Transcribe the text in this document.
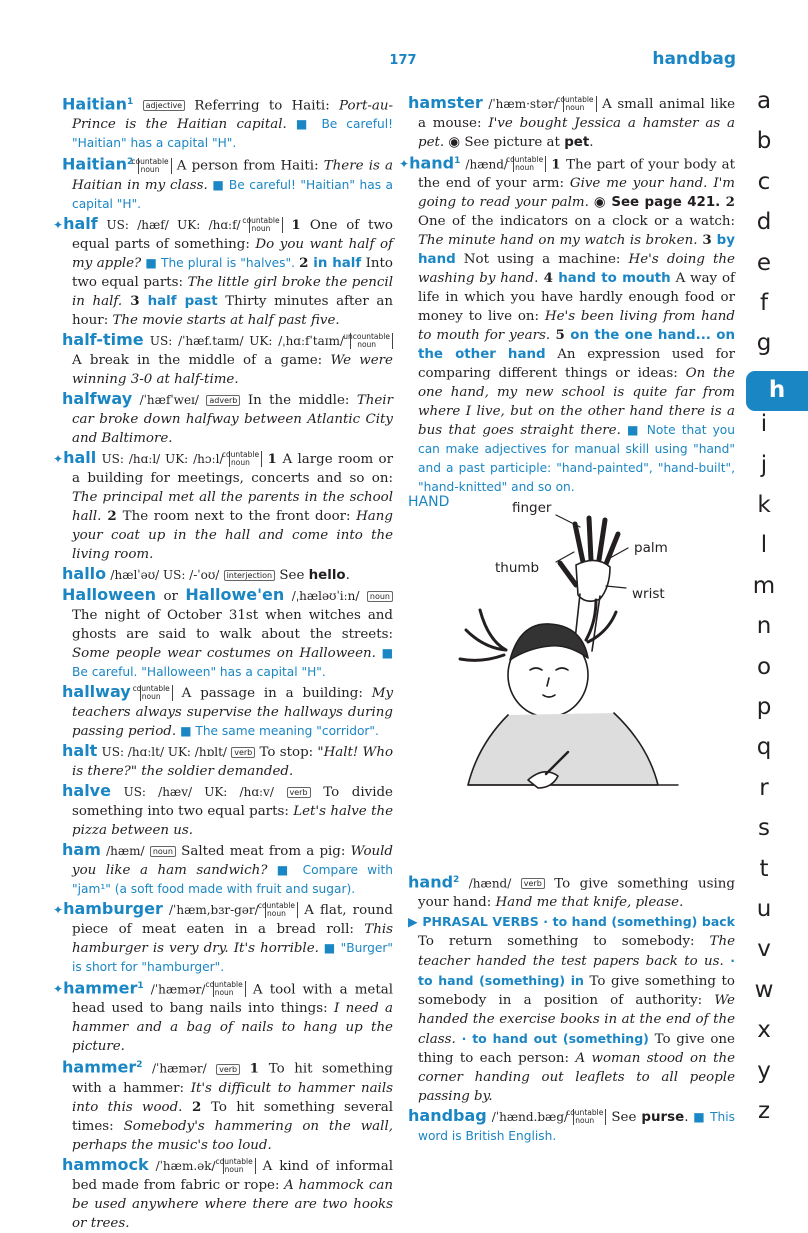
177	handbag

Haitian$^1$ adjective Referring to Haiti: Port-au-Prince is the Haitian capital. ■ Be careful! "Haitian" has a capital "H".

Haitian$^2$
countable
noun	A person from Haiti: There is a Haitian in my class. ■ Be careful! "Haitian" has a capital "H".

✦half US: /hæf/ UK: /hɑːf/ countable
noun	1 One of two equal parts of something: Do you want half of my apple? ■ The plural is "halves". 2 in half Into two equal parts: The little girl broke the pencil in half. 3 half past Thirty minutes after an hour: The movie starts at half past five.

half-time US: /ˈhæf.taɪm/ UK: /ˌhɑːfˈtaɪm/ uncountable
noun
A break in the middle of a game: We were winning 3-0 at half-time.

halfway /ˈhæfˈweɪ/ adverb In the middle: Their car broke down halfway between Atlantic City and Baltimore.

✦hall US: /hɑːl/ UK: /hɔːl/
countable
noun	1 A large room or a building for meetings, concerts and so on: The principal met all the parents in the school hall. 2 The room next to the front door: Hang your coat up in the hall and come into the living room.

hallo /hælˈəʊ/ US: /-ˈoʊ/ interjection See hello.

Halloween or Hallowe'en /ˌhæləʊˈiːn/ noun The night of October 31st when witches and ghosts are said to walk about the streets: Some people wear costumes on Halloween. ■ Be careful. "Halloween" has a capital "H".

hallway countable
noun	A passage in a building: My teachers always supervise the hallways during passing period. ■ The same meaning "corridor".

halt US: /hɑːlt/ UK: /hɒlt/ verb To stop: "Halt! Who is there?" the soldier demanded.

halve US: /hæv/ UK: /hɑːv/ verb To divide something into two equal parts: Let's halve the pizza between us.

ham /hæm/ noun Salted meat from a pig: Would you like a ham sandwich? ■ Compare with "jam¹" (a soft food made with fruit and sugar).

✦hamburger /ˈhæm,bɜr-gər/ countable
noun	A flat, round piece of meat eaten in a bread roll: This hamburger is very dry. It's horrible. ■ "Burger" is short for "hamburger".

✦hammer$^1$ /ˈhæmər/ countable
noun	A tool with a metal head used to bang nails into things: I need a hammer and a bag of nails to hang up the picture.

hammer$^2$ /ˈhæmər/ verb 1 To hit something with a hammer: It's difficult to hammer nails into this wood. 2 To hit something several times: Somebody's hammering on the wall, perhaps the music's too loud.

hammock /ˈhæm.ək/ countable
noun	A kind of informal bed made from fabric or rope: A hammock can be used anywhere where there are two hooks or trees.

hamster /ˈhæm·stər/
countable
noun	A small animal like a mouse: I've bought Jessica a hamster as a pet. ◉ See picture at pet.

✦hand$^1$ /hænd/
countable
noun	1 The part of your body at the end of your arm: Give me your hand. I'm going to read your palm. ◉ See page 421. 2 One of the indicators on a clock or a watch: The minute hand on my watch is broken. 3 by hand Not using a machine: He's doing the washing by hand. 4 hand to mouth A way of life in which you have hardly enough food or money to live on: He's been living from hand to mouth for years. 5 on the one hand... on the other hand An expression used for comparing different things or ideas: On the one hand, my new school is quite far from where I live, but on the other hand there is a bus that goes straight there. ■ Note that you can make adjectives for manual skill using "hand" and a past participle: "hand-painted", "hand-built", "hand-knitted" and so on.

HAND	finger
thumb
palm
wrist

hand$^2$ /hænd/ verb To give something using your hand: Hand me that knife, please.

▶ PHRASAL VERBS · to hand (something) back To return something to somebody: The teacher handed the test papers back to us. · to hand (something) in To give something to somebody in a position of authority: We handed the exercise books in at the end of the class. · to hand out (something) To give one thing to each person: A woman stood on the corner handing out leaflets to all people passing by.

handbag /ˈhænd.bæg/
countable
noun	See purse. ■ This word is British English.

a
b
c
d
e
f
g
h
i
j
k
l
m
n
o
p
q
r
s
t
u
v
w
x
y
z
